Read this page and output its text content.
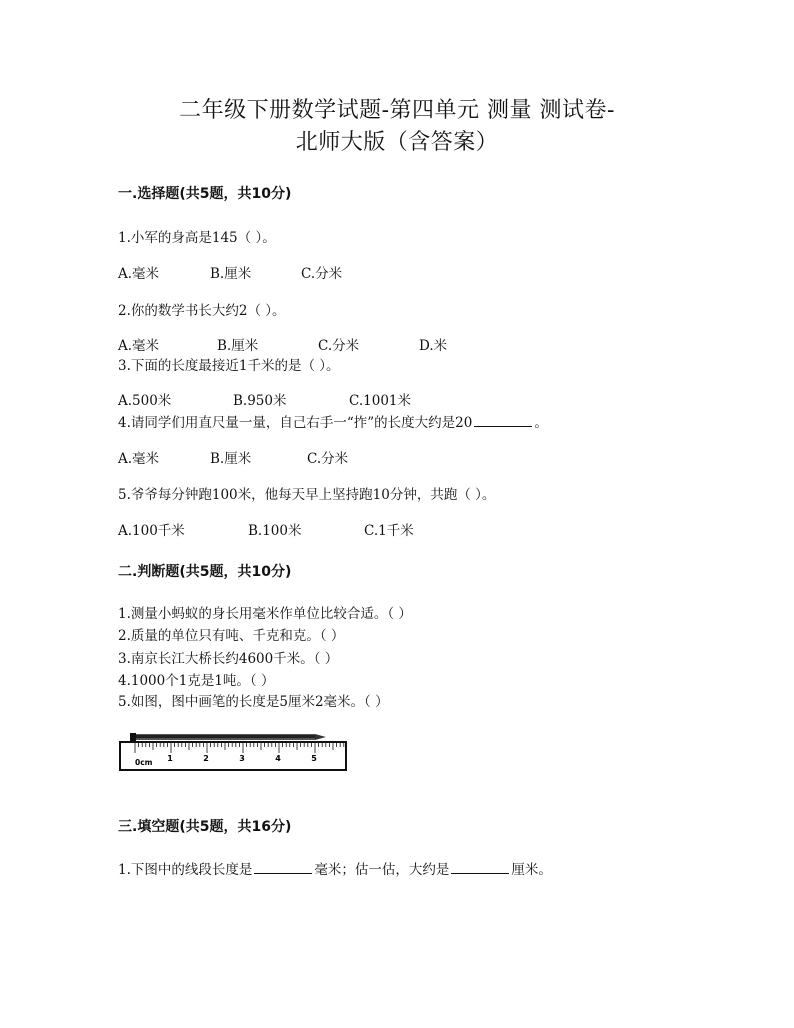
二年级下册数学试题-第四单元 测量 测试卷-
北师大版（含答案）
一.选择题(共5题，共10分)
1.小军的身高是145（ ）。
A.毫米	B.厘米	C.分米
2.你的数学书长大约2（ ）。
A.毫米	B.厘米	C.分米	D.米
3.下面的长度最接近1千米的是（ ）。
A.500米	B.950米	C.1001米
4.请同学们用直尺量一量，自己右手一“拃”的长度大约是20	。
A.毫米	B.厘米	C.分米
5.爷爷每分钟跑100米，他每天早上坚持跑10分钟，共跑（ ）。
A.100千米	B.100米	C.1千米
二.判断题(共5题，共10分)
1.测量小蚂蚁的身长用毫米作单位比较合适。（ ）
2.质量的单位只有吨、千克和克。（ ）
3.南京长江大桥长约4600千米。（ ）
4.1000个1克是1吨。（ ）
5.如图，图中画笔的长度是5厘米2毫米。（ ）
0cm 1	2	3	4	5
三.填空题(共5题，共16分)
1.下图中的线段长度是	毫米；估一估，大约是	厘米。
